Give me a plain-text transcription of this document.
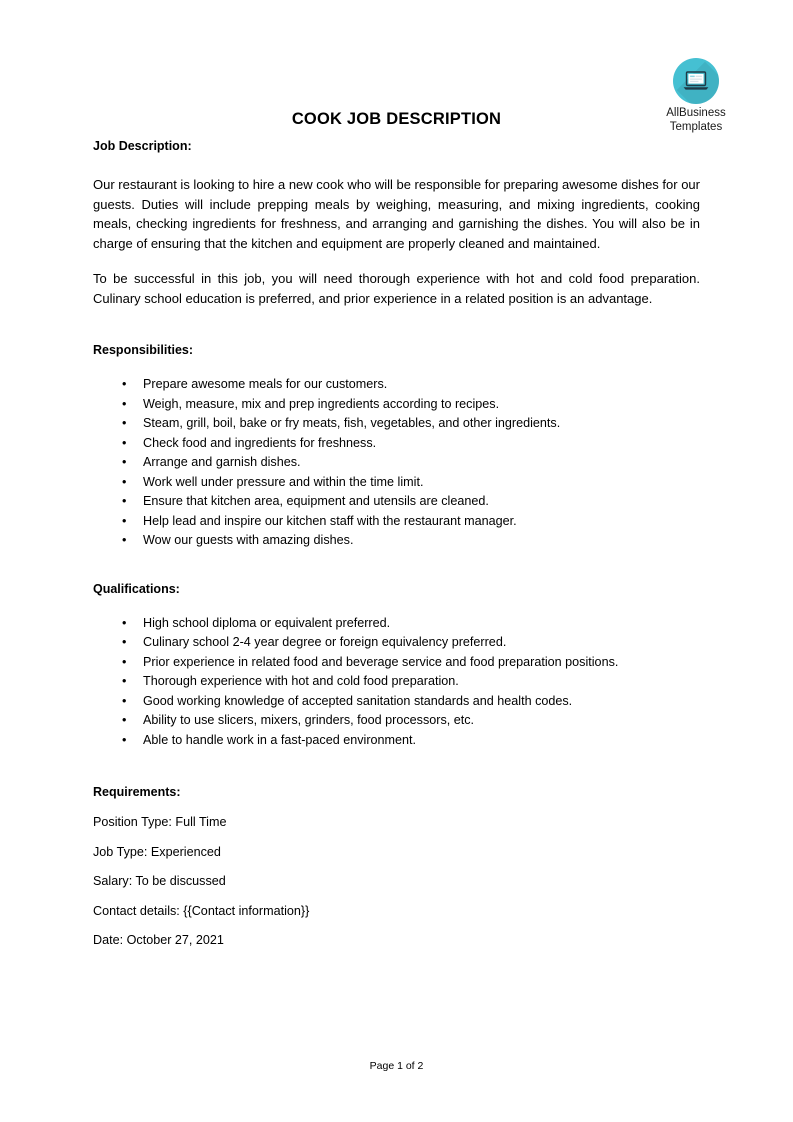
AllBusiness
Templates
COOK JOB DESCRIPTION
Job Description:

Our restaurant is looking to hire a new cook who will be responsible for preparing awesome dishes for our guests. Duties will include prepping meals by weighing, measuring, and mixing ingredients, cooking meals, checking ingredients for freshness, and arranging and garnishing the dishes. You will also be in charge of ensuring that the kitchen and equipment are properly cleaned and maintained.

To be successful in this job, you will need thorough experience with hot and cold food preparation. Culinary school education is preferred, and prior experience in a related position is an advantage.

Responsibilities:
• Prepare awesome meals for our customers.
• Weigh, measure, mix and prep ingredients according to recipes.
• Steam, grill, boil, bake or fry meats, fish, vegetables, and other ingredients.
• Check food and ingredients for freshness.
• Arrange and garnish dishes.
• Work well under pressure and within the time limit.
• Ensure that kitchen area, equipment and utensils are cleaned.
• Help lead and inspire our kitchen staff with the restaurant manager.
• Wow our guests with amazing dishes.
Qualifications:
• High school diploma or equivalent preferred.
• Culinary school 2-4 year degree or foreign equivalency preferred.
• Prior experience in related food and beverage service and food preparation positions.
• Thorough experience with hot and cold food preparation.
• Good working knowledge of accepted sanitation standards and health codes.
• Ability to use slicers, mixers, grinders, food processors, etc.
• Able to handle work in a fast-paced environment.
Requirements:

Position Type: Full Time

Job Type: Experienced

Salary: To be discussed

Contact details: {{Contact information}}

Date: October 27, 2021

Page 1 of 2
